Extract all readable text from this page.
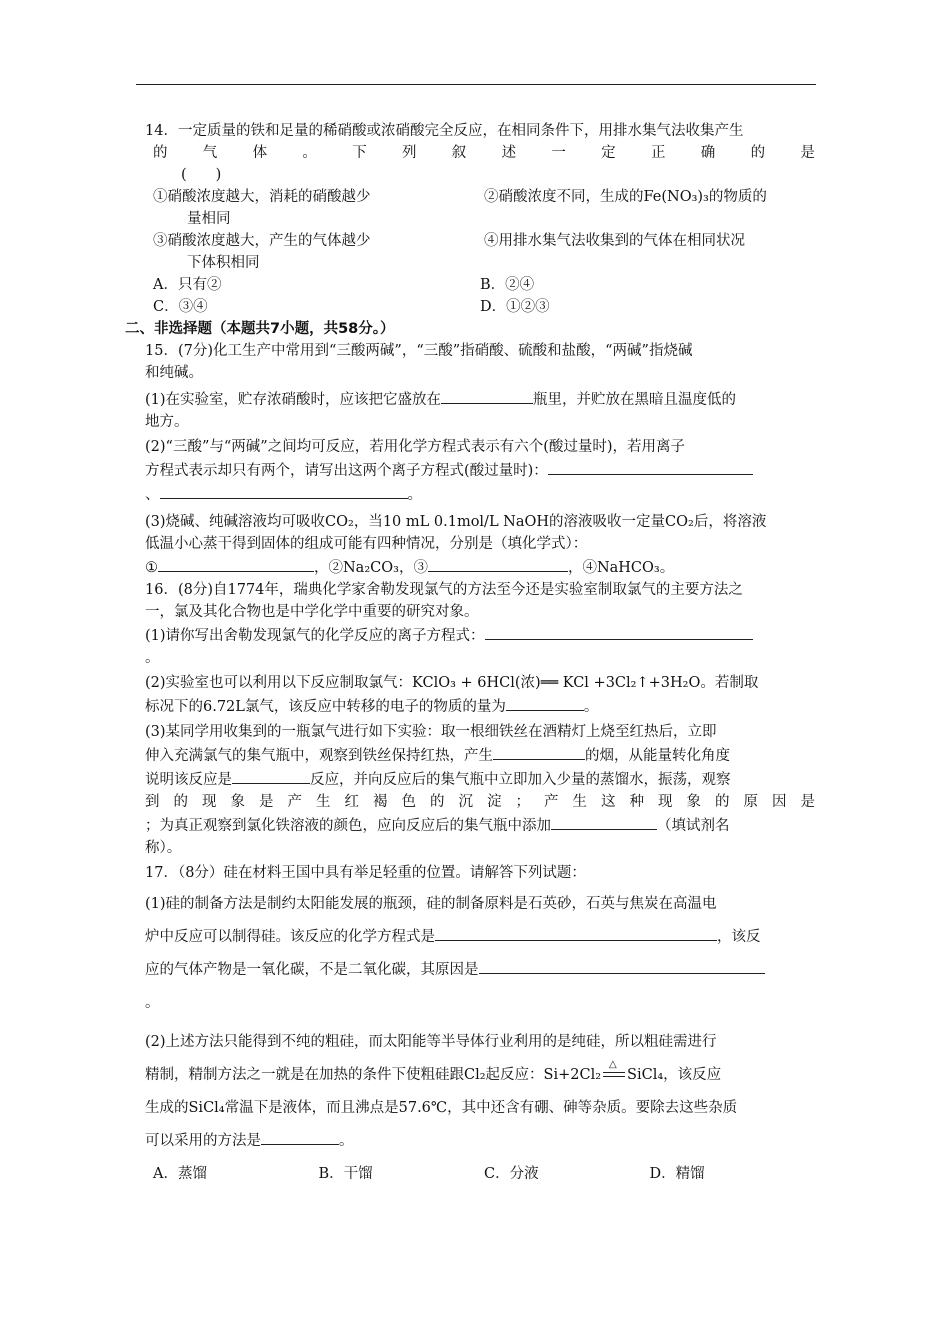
14．一定质量的铁和足量的稀硝酸或浓硝酸完全反应，在相同条件下，用排水集气法收集产生
的 气 体 。 下 列 叙 述 一 定 正 确 的 是
(　　)
①硝酸浓度越大，消耗的硝酸越少
量相同
②硝酸浓度不同，生成的Fe(NO₃)₃的物质的
③硝酸浓度越大，产生的气体越少
下体积相同
④用排水集气法收集到的气体在相同状况
A．只有②	B．②④
C．③④	D．①②③
二、非选择题（本题共7小题，共58分。）
15．(7分)化工生产中常用到“三酸两碱”，“三酸”指硝酸、硫酸和盐酸，“两碱”指烧碱
和纯碱。
(1)在实验室，贮存浓硝酸时，应该把它盛放在	瓶里，并贮放在黑暗且温度低的
地方。
(2)“三酸”与“两碱”之间均可反应，若用化学方程式表示有六个(酸过量时)，若用离子
方程式表示却只有两个，请写出这两个离子方程式(酸过量时)：
、	。
(3)烧碱、纯碱溶液均可吸收CO₂，当10 mL 0.1mol/L NaOH的溶液吸收一定量CO₂后，将溶液
低温小心蒸干得到固体的组成可能有四种情况，分别是（填化学式）：
①	，②Na₂CO₃，③	，④NaHCO₃。
16．(8分)自1774年，瑞典化学家舍勒发现氯气的方法至今还是实验室制取氯气的主要方法之
一，氯及其化合物也是中学化学中重要的研究对象。
(1)请你写出舍勒发现氯气的化学反应的离子方程式：
。
(2)实验室也可以利用以下反应制取氯气：KClO₃ + 6HCl(浓)══ KCl +3Cl₂↑+3H₂O。若制取
标况下的6.72L氯气，该反应中转移的电子的物质的量为	。
(3)某同学用收集到的一瓶氯气进行如下实验：取一根细铁丝在酒精灯上烧至红热后，立即
伸入充满氯气的集气瓶中，观察到铁丝保持红热，产生	的烟，从能量转化角度
说明该反应是	反应，并向反应后的集气瓶中立即加入少量的蒸馏水，振荡，观察
到 的 现 象 是 产 生 红 褐 色 的 沉 淀 ； 产 生 这 种 现 象 的 原 因 是
；为真正观察到氯化铁溶液的颜色，应向反应后的集气瓶中添加	（填试剂名
称）。
17．（8分）硅在材料王国中具有举足轻重的位置。请解答下列试题：
(1)硅的制备方法是制约太阳能发展的瓶颈，硅的制备原料是石英砂，石英与焦炭在高温电
炉中反应可以制得硅。该反应的化学方程式是	，该反
应的气体产物是一氧化碳，不是二氧化碳，其原因是
。
(2)上述方法只能得到不纯的粗硅，而太阳能等半导体行业利用的是纯硅，所以粗硅需进行
精制，精制方法之一就是在加热的条件下使粗硅跟Cl₂起反应：Si+2Cl₂
△
SiCl₄，该反应
生成的SiCl₄常温下是液体，而且沸点是57.6℃，其中还含有硼、砷等杂质。要除去这些杂质
可以采用的方法是	。
A．蒸馏	B．干馏	C．分液	D．精馏
